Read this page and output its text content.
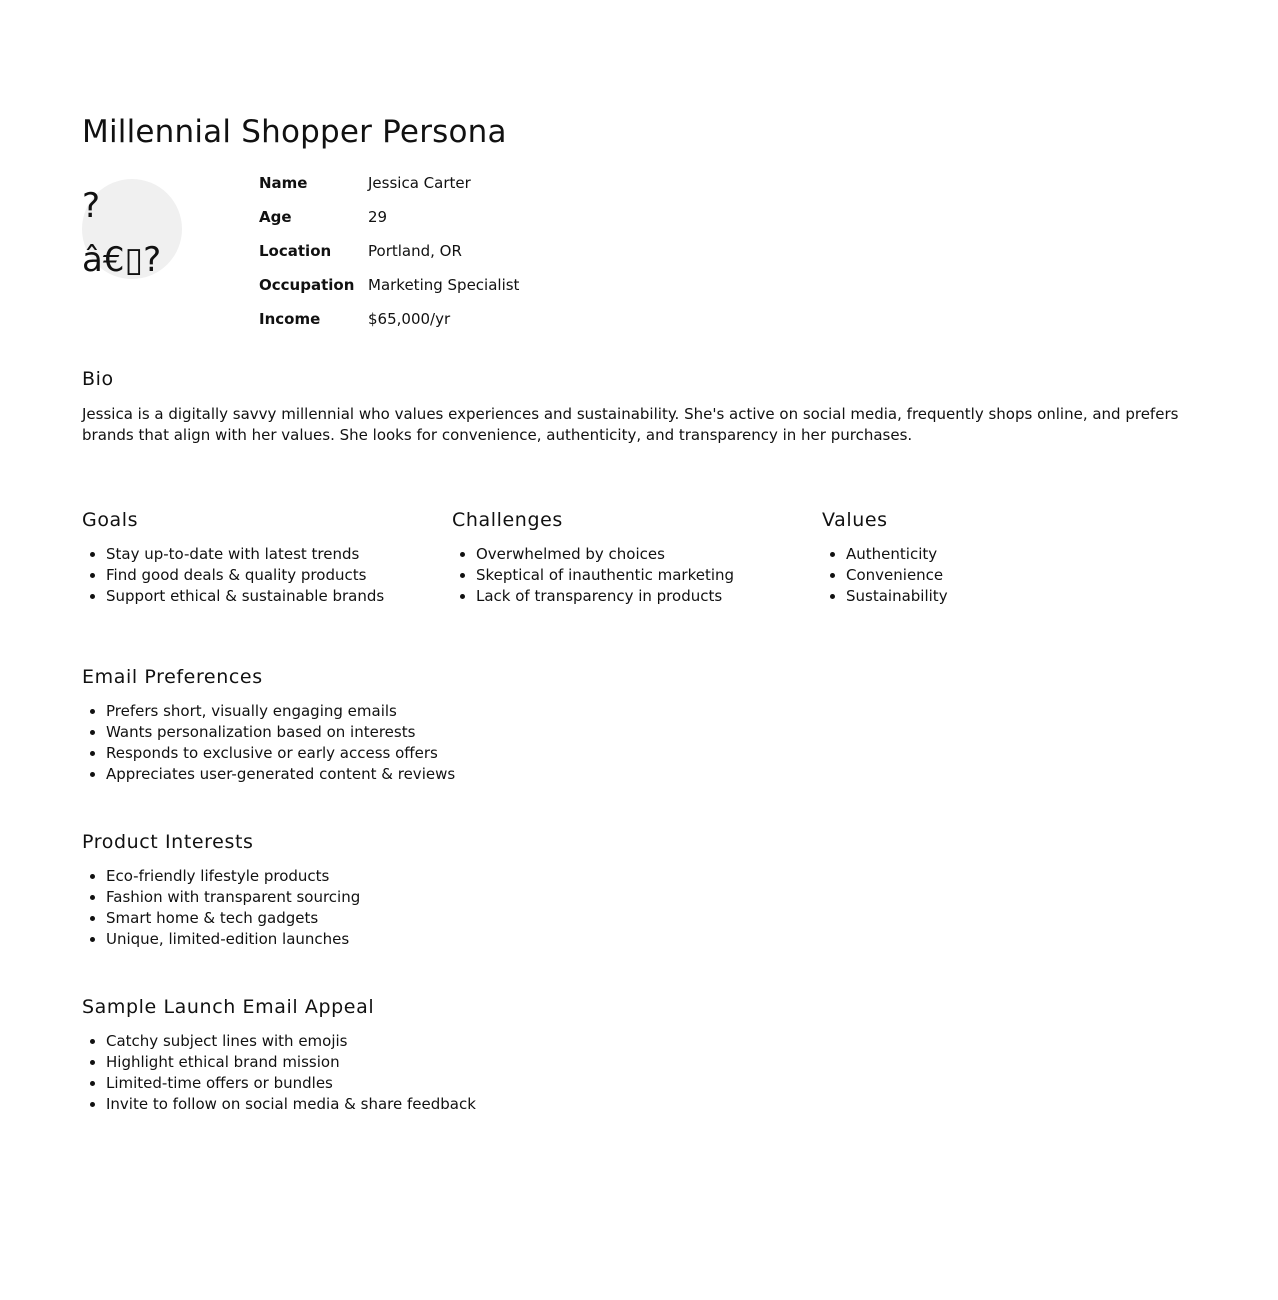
Millennial Shopper Persona
?
â€▯?
Name	Jessica Carter
Age	29
Location	Portland, OR
Occupation	Marketing Specialist
Income	$65,000/yr
Bio

Jessica is a digitally savvy millennial who values experiences and sustainability. She's active on social media, frequently shops online, and prefers brands that align with her values. She looks for convenience, authenticity, and transparency in her purchases.

Goals
• Stay up-to-date with latest trends
• Find good deals & quality products
• Support ethical & sustainable brands
Challenges
• Overwhelmed by choices
• Skeptical of inauthentic marketing
• Lack of transparency in products
Values
• Authenticity
• Convenience
• Sustainability
Email Preferences
• Prefers short, visually engaging emails
• Wants personalization based on interests
• Responds to exclusive or early access offers
• Appreciates user-generated content & reviews
Product Interests
• Eco-friendly lifestyle products
• Fashion with transparent sourcing
• Smart home & tech gadgets
• Unique, limited-edition launches
Sample Launch Email Appeal
• Catchy subject lines with emojis
• Highlight ethical brand mission
• Limited-time offers or bundles
• Invite to follow on social media & share feedback
